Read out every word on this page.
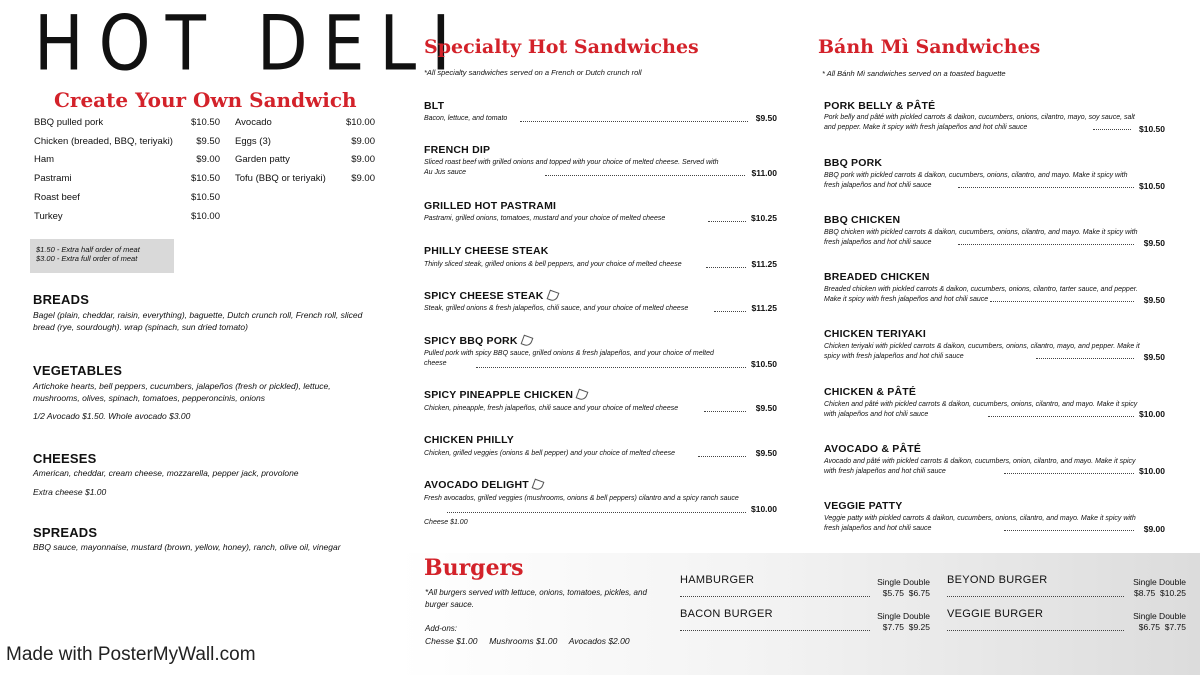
HOT DELI
Create Your Own Sandwich
BBQ pulled pork	$10.50
Chicken (breaded, BBQ, teriyaki) $9.50
Ham	$9.00
Pastrami	$10.50
Roast beef	$10.50
Turkey	$10.00
Avocado	$10.00
Eggs (3)	$9.00
Garden patty	$9.00
Tofu (BBQ or teriyaki)	$9.00
$1.50 - Extra half order of meat
$3.00 - Extra full order of meat
BREADS
Bagel (plain, cheddar, raisin, everything), baguette, Dutch crunch roll, French roll, sliced bread (rye, sourdough). wrap (spinach, sun dried tomato)
VEGETABLES
Artichoke hearts, bell peppers, cucumbers, jalapeños (fresh or pickled), lettuce, mushrooms, olives, spinach, tomatoes, pepperoncinis, onions
1/2 Avocado $1.50. Whole avocado $3.00
CHEESES
American, cheddar, cream cheese, mozzarella, pepper jack, provolone
Extra cheese $1.00
SPREADS
BBQ sauce, mayonnaise, mustard (brown, yellow, honey), ranch, olive oil, vinegar
Specialty Hot Sandwiches
*All specialty sandwiches served on a French or Dutch crunch roll
BLT
Bacon, lettuce, and tomato	$9.50
FRENCH DIP
Sliced roast beef with grilled onions and topped with your choice of melted cheese. Served with Au Jus sauce	$11.00
GRILLED HOT PASTRAMI
Pastrami, grilled onions, tomatoes, mustard and your choice of melted cheese	$10.25
PHILLY CHEESE STEAK
Thinly sliced steak, grilled onions & bell peppers, and your choice of melted cheese	$11.25
SPICY CHEESE STEAK
Steak, grilled onions & fresh jalapeños, chili sauce, and your choice of melted cheese	$11.25
SPICY BBQ PORK
Pulled pork with spicy BBQ sauce, grilled onions & fresh jalapeños, and your choice of melted cheese	$10.50
SPICY PINEAPPLE CHICKEN
Chicken, pineapple, fresh jalapeños, chili sauce and your choice of melted cheese	$9.50
CHICKEN PHILLY
Chicken, grilled veggies (onions & bell pepper) and your choice of melted cheese	$9.50
AVOCADO DELIGHT
Fresh avocados, grilled veggies (mushrooms, onions & bell peppers) cilantro and a spicy ranch sauce
$10.00
Cheese $1.00
Bánh Mì Sandwiches
* All Bánh Mì sandwiches served on a toasted baguette
PORK BELLY & PÂTÉ
Pork belly and pâté with pickled carrots & daikon, cucumbers, onions, cilantro, mayo, soy sauce, salt and pepper. Make it spicy with fresh jalapeños and hot chili sauce	$10.50
BBQ PORK
BBQ pork with pickled carrots & daikon, cucumbers, onions, cilantro, and mayo. Make it spicy with fresh jalapeños and hot chili sauce	$10.50
BBQ CHICKEN
BBQ chicken with pickled carrots & daikon, cucumbers, onions, cilantro, and mayo. Make it spicy with fresh jalapeños and hot chili sauce	$9.50
BREADED CHICKEN
Breaded chicken with pickled carrots & daikon, cucumbers, onions, cilantro, tarter sauce, and pepper. Make it spicy with fresh jalapeños and hot chili sauce	$9.50
CHICKEN TERIYAKI
Chicken teriyaki with pickled carrots & daikon, cucumbers, onions, cilantro, mayo, and pepper. Make it spicy with fresh jalapeños and hot chili sauce	$9.50
CHICKEN & PÂTÉ
Chicken and pâté with pickled carrots & daikon, cucumbers, onions, cilantro, and mayo. Make it spicy with jalapeños and hot chili sauce	$10.00
AVOCADO & PÂTÉ
Avocado and pâté with pickled carrots & daikon, cucumbers, onion, cilantro, and mayo. Make it spicy with fresh jalapeños and hot chili sauce	$10.00
VEGGIE PATTY
Veggie patty with pickled carrots & daikon, cucumbers, onions, cilantro, and mayo. Make it spicy with fresh jalapeños and hot chili sauce	$9.00
Burgers
*All burgers served with lettuce, onions, tomatoes, pickles, and burger sauce.
Add-ons:
Chesse $1.00     Mushrooms $1.00     Avocados $2.00
HAMBURGER	Single Double
$5.75  $6.75
BACON BURGER	Single Double
$7.75  $9.25
BEYOND BURGER	Single Double
$8.75  $10.25
VEGGIE BURGER	Single Double
$6.75  $7.75
Made with PosterMyWall.com
